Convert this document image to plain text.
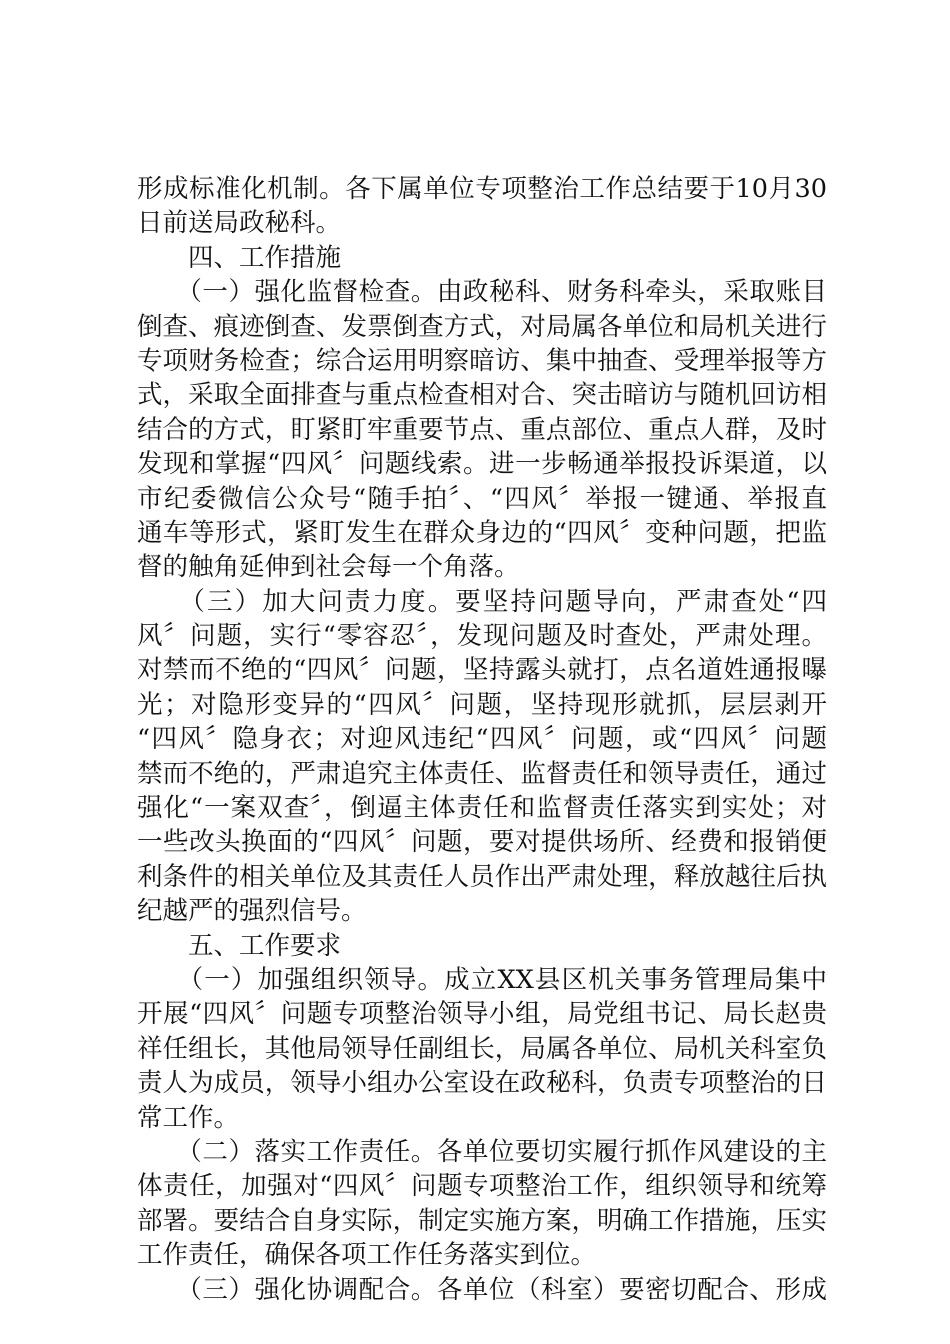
形成标准化机制。各下属单位专项整治工作总结要于10月30
日前送局政秘科。
　　四、工作措施
　　（一）强化监督检查。由政秘科、财务科牵头，采取账目
倒查、痕迹倒查、发票倒查方式，对局属各单位和局机关进行
专项财务检查；综合运用明察暗访、集中抽查、受理举报等方
式，采取全面排查与重点检查相对合、突击暗访与随机回访相
结合的方式，盯紧盯牢重要节点、重点部位、重点人群，及时
发现和掌握“四风〞问题线索。进一步畅通举报投诉渠道，以
市纪委微信公众号“随手拍〞、“四风〞举报一键通、举报直
通车等形式，紧盯发生在群众身边的“四风〞变种问题，把监
督的触角延伸到社会每一个角落。
　　（三）加大问责力度。要坚持问题导向，严肃查处“四
风〞问题，实行“零容忍〞，发现问题及时查处，严肃处理。
对禁而不绝的“四风〞问题，坚持露头就打，点名道姓通报曝
光；对隐形变异的“四风〞问题，坚持现形就抓，层层剥开
“四风〞隐身衣；对迎风违纪“四风〞问题，或“四风〞问题
禁而不绝的，严肃追究主体责任、监督责任和领导责任，通过
强化“一案双查〞，倒逼主体责任和监督责任落实到实处；对
一些改头换面的“四风〞问题，要对提供场所、经费和报销便
利条件的相关单位及其责任人员作出严肃处理，释放越往后执
纪越严的强烈信号。
　　五、工作要求
　　（一）加强组织领导。成立XX县区机关事务管理局集中
开展“四风〞问题专项整治领导小组，局党组书记、局长赵贵
祥任组长，其他局领导任副组长，局属各单位、局机关科室负
责人为成员，领导小组办公室设在政秘科，负责专项整治的日
常工作。
　　（二）落实工作责任。各单位要切实履行抓作风建设的主
体责任，加强对“四风〞问题专项整治工作，组织领导和统筹
部署。要结合自身实际，制定实施方案，明确工作措施，压实
工作责任，确保各项工作任务落实到位。
　　（三）强化协调配合。各单位（科室）要密切配合、形成
